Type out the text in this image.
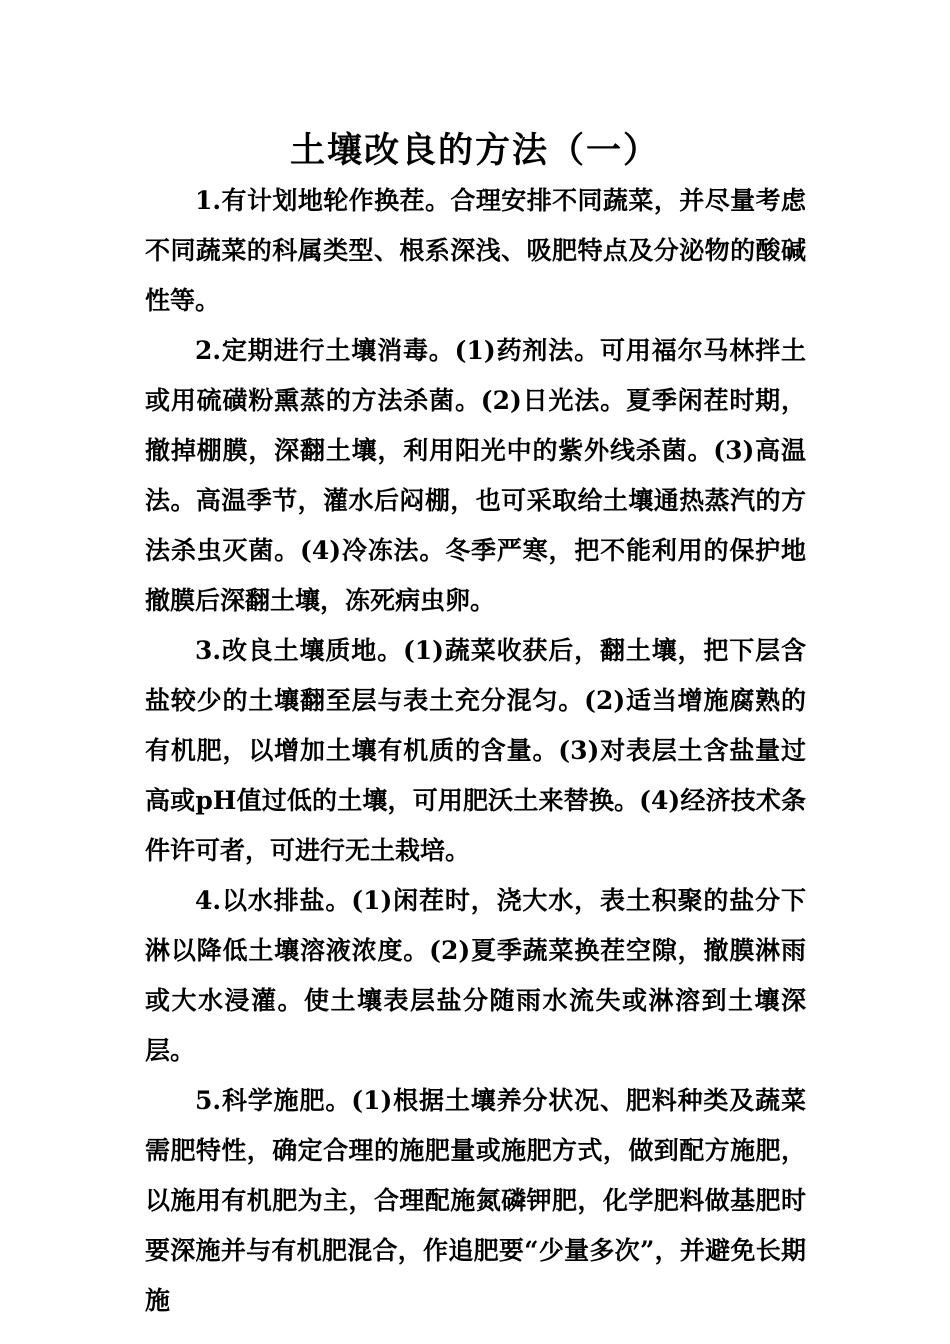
土壤改良的方法（一）

1.有计划地轮作换茬。合理安排不同蔬菜，并尽量考虑不同蔬菜的科属类型、根系深浅、吸肥特点及分泌物的酸碱性等。

2.定期进行土壤消毒。(1)药剂法。可用福尔马林拌土或用硫磺粉熏蒸的方法杀菌。(2)日光法。夏季闲茬时期，撤掉棚膜，深翻土壤，利用阳光中的紫外线杀菌。(3)高温法。高温季节，灌水后闷棚，也可采取给土壤通热蒸汽的方法杀虫灭菌。(4)冷冻法。冬季严寒，把不能利用的保护地撤膜后深翻土壤，冻死病虫卵。

3.改良土壤质地。(1)蔬菜收获后，翻土壤，把下层含盐较少的土壤翻至层与表土充分混匀。(2)适当增施腐熟的有机肥，以增加土壤有机质的含量。(3)对表层土含盐量过高或pH值过低的土壤，可用肥沃土来替换。(4)经济技术条件许可者，可进行无土栽培。

4.以水排盐。(1)闲茬时，浇大水，表土积聚的盐分下淋以降低土壤溶液浓度。(2)夏季蔬菜换茬空隙，撤膜淋雨或大水浸灌。使土壤表层盐分随雨水流失或淋溶到土壤深层。

5.科学施肥。(1)根据土壤养分状况、肥料种类及蔬菜需肥特性，确定合理的施肥量或施肥方式，做到配方施肥，以施用有机肥为主，合理配施氮磷钾肥，化学肥料做基肥时要深施并与有机肥混合，作追肥要“少量多次”，并避免长期施
